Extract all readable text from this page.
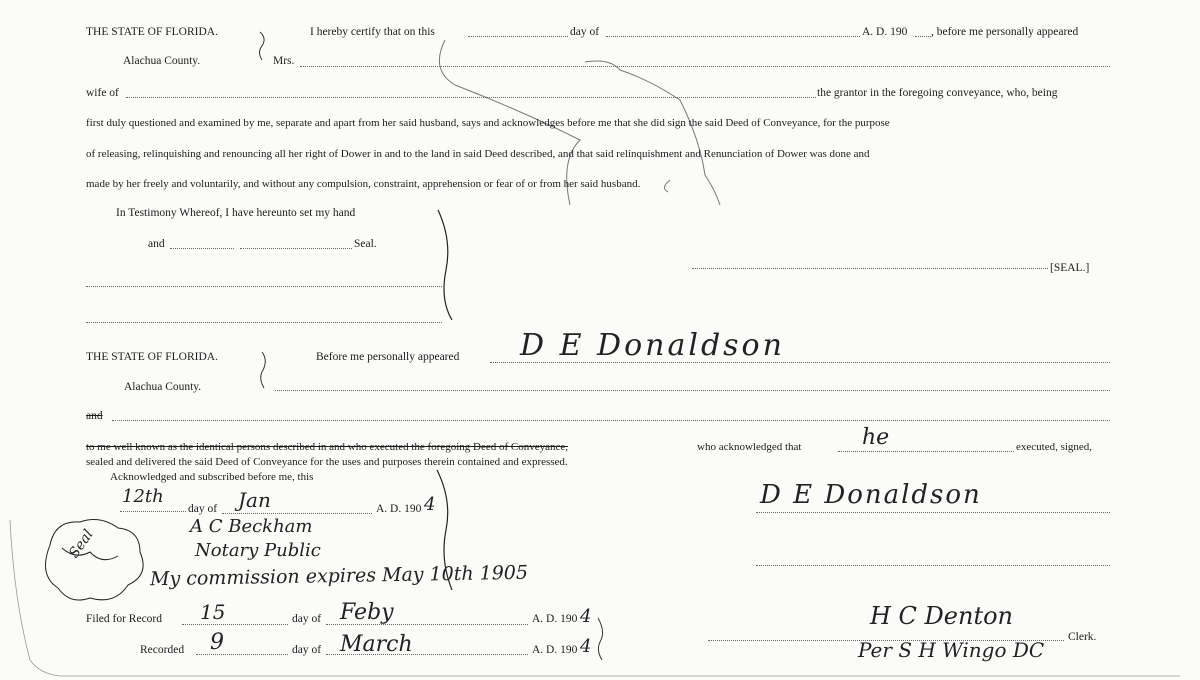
THE STATE OF FLORIDA.
Alachua County.
I hereby certify that on this	day of	A. D. 190 , before me personally appeared
Mrs.
wife of	the grantor in the foregoing conveyance, who, being
first duly questioned and examined by me, separate and apart from her said husband, says and acknowledges before me that she did sign the said Deed of Conveyance, for the purpose
of releasing, relinquishing and renouncing all her right of Dower in and to the land in said Deed described, and that said relinquishment and Renunciation of Dower was done and
made by her freely and voluntarily, and without any compulsion, constraint, apprehension or fear of or from her said husband.
In Testimony Whereof, I have hereunto set my hand
and	Seal.
[SEAL.]
THE STATE OF FLORIDA.
Alachua County.
Before me personally appeared D E Donaldson
and
to me well known as the identical persons described in and who executed the foregoing Deed of Conveyance,	who acknowledged that	he	executed, signed,
sealed and delivered the said Deed of Conveyance for the uses and purposes therein contained and expressed.
Acknowledged and subscribed before me, this
12th
day of Jan	A. D. 190 4	D E Donaldson
Seal
A C Beckham
Notary Public
My commission expires May 10th 1905
Filed for Record 15	day of Feby	A. D. 190 4
Recorded 9	day of March	A. D. 190 4
H C Denton
Per S H Wingo DC
Clerk.
